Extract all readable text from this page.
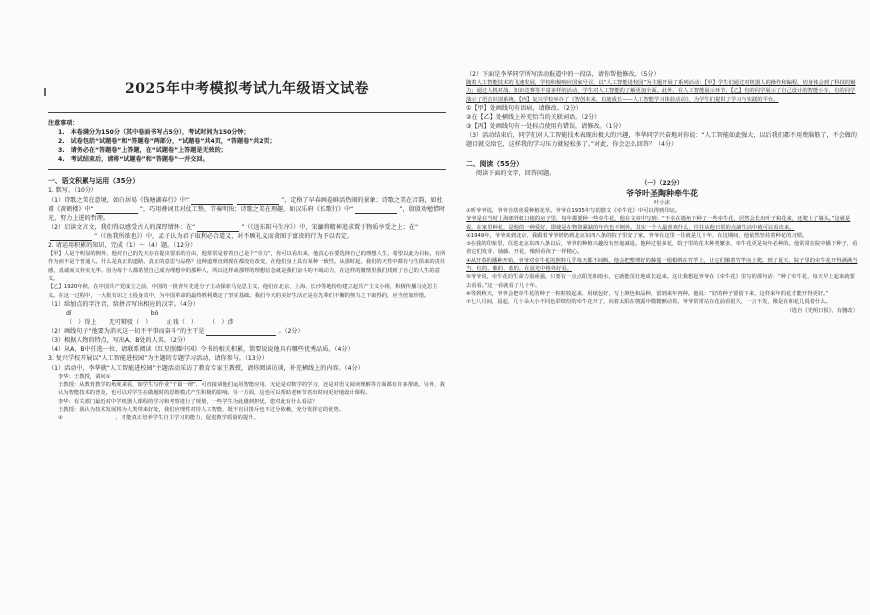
2025年中考模拟考试九年级语文试卷
注意事项：
1.　本卷满分为150分（其中卷面书写占5分），考试时间为150分钟；
2.　试卷包括“试题卷”和“答题卷”两部分，“试题卷”共4页，“答题卷”共2页；
3.　请务必在“答题卷”上答题，在“试题卷”上答题是无效的；
4.　考试结束后，请将“试题卷”和“答题卷”一并交回。
一、语文积累与运用（35分）
1. 默写。（10分）
（1）诗歌之美在意境，如白居易《钱塘湖春行》中“	”，定格了早春画卷鲜活热闹的景象；诗歌之美在音韵，如杜甫《黄鹤楼》中“	”，巧用叠词且对仗工整。节奏明快；诗歌之美在理趣，如汉乐府《长歌行》中“	”，殷殷劝勉惜时光，努力上进的哲理。
（2）启读文言文，我们得以感受古人的深厚情怀：在“	”（《送东阳马生序》）中，宋濂将精神追求置于物质享受之上；在“”（《鱼我所欲也》）中，孟子认为君子取利必合道义，对不顾礼义而贪图于富贵的行为予以否定。
2. 请运用积累的知识，完成（1）～（4）题。（12分）
【甲】人是个明显的例外，他对自己的先天存在提出要求的自由，他常常是着着自己是个“旁力”，你可以看出来，他真心在要选择自己的理想人生，希望以此为目标，有所作为而不是个普通人。什么是真正的道路，真正的意思与品格？这种道理直到现在都没有改变，在他们身上具有某种一致性。从那时起，我们的天性中都有与生俱来的责任感，真诚而又朴实无华。因为每个人都希望自己成为理想中的那种人，所以这样或那样的理想信念就是我们奋斗的不竭动力，在这样的激情里我们找到了自己的人生的意义。
【乙】1920年秋，在中国共产党成立之前，中国的一批青年先进分子主动探索马克思主义，他们在北京、上海、长沙等地纷纷建立起共产主义小组，积极传播马克思主义。在这一过程中，一大批有识之士投身其中，为中国革命的最终胜利奠定了坚实基础。我们今天的美好生活正是在先辈们不懈的努力之下取得的，应当倍加珍惜。
（1）给加点的字注音，给拼音写出相应的汉字。（4分）
dí　　　　　　　　　　　　　bó
（　）得上　　无可辩驳（　）　　　止戏（　）　　　（　）涉
（2）画线句子“他要为消灭这一切不平事而奋斗”的主干是	。（2分）
（3）根据人物的特点，写出A、B处的人名。（2分）
（4）从A、B中任选一位，请联系阅读《红星照耀中国》令书的相关积累，简要说说他具有哪些优秀品质。（4分）
3. 复兴学校开展以“人工智能进校园”为主题的专题学习活动，请你参与。（13分）
（1）活动中，李华就“人工智能进校园”主题活动采访了教育专家王教授，请你阅读访谈，补充横线上的内容。（4分）
李华：王教授，请问①
王教授：从教育教学的角度来看，如学生写作业“千篇一律”，可直接请他们运用智能应用，无论是对数学的学习，还是对语文阅读理解等方面都有许多帮助。另外，我认为智能技术的普及，也可以对学生在做题时的思维模式产生积极的影响。另一方面，这也可以帮助老师节省出时间更好地设计课程。
李华：有关部门最近对中学机器人课程的学习和考察进行了规划，一些学生为此感到担忧，您对此有什么看法？
王教授：我认为技术发展将为人类带来好处，我们应理性对待人工智能，既不盲目排斥也不过分依赖，充分发挥它的优势。
②　　　　　　　　　　，才能真正培养学生自主学习的能力，促进教学质量的提升。
（2）下面是李华同学所写活动报道中的一段话，请你帮他修改。（5分）
随着人工智能技术的飞速发展，学校积极响应国家号召，以“人工智能进校园”为主题开展了系列活动：【甲】学生们通过对机器人的操作和编程，切身体会到了科技的魅力；通过人机对战、知识竞赛等丰富多样的活动，学生对人工智能的了解更加全面。此外，在人工智能展示环节，【乙】有的同学展示了自己设计的智能小车，有的同学演示了语音识别系统。【丙】复兴学校举办了《智创未来，启迪成长——人工智能学习体验活动》，为学生们提供了学习与实践的平台。
①【甲】处画线句有语病，请修改。（2分）
②在【乙】处横线上补充恰当的关联词语。（2分）
③【丙】处画线句有一处标点使用有错误，请修改。（1分）
（3）活动结束后，同学们对人工智能技术表现出极大的兴趣，李华同学兴奋地对你说：“人工智能如此强大，以后我们都不用费脑筋了，不会做的题目就交给它，这样我的学习压力就轻松多了。”对此，你会怎么回答？（4分）
二、阅读（55分）
阅读下面的文字，回答问题。
（一）（22分）
爷爷叶圣陶种牵牛花
叶小沫
①听爷爷说，爷爷自幼喜爱种植花草。爷爷在1935年写的散文《牵牛花》中可以得到印证。
爷爷是在当时上海郊外虹口租的房子里，每年都要种一些牵牛花，他在文章中写到：“不幸在墙角下种了一些牵牛花，居然会长出叶子和花来，还爬上了墙头。”这就是说，在家里种花，是他的一种爱好，即使是在物资紧缺的年代也不例外。其实一个人最喜欢什么，往往从他日常的点滴生活中就可以看出来。
②1949年，爷爷来到北京，我跟着爷爷奶奶到北京东四八条的院子里安了家。爷爷在这里一住就是几十年，在这期间，他依然坚持着种花的习惯。
③在我的印象里，住进北京东四八条以后，爷爷的种植兴趣没有丝毫减退。他种过很多花，院子里的花木种类繁多，牵牛花更是每年必种的。他常常在院中播下种子，看着它们发芽、抽藤、开花，像照看孩子一样精心。
④从开春的播种开始，爷爷对牵牛花的照料几乎每天都不间断。他会把整理好的藤蔓一根根绑在竹竿上，让它们顺着竹竿向上爬。到了夏天，院子里的牵牛花开得满满当当，红的、紫的、蓝的，在晨光中格外好看。
⑤爷爷说，牵牛花的生命力很顽强，只要有一点点阳光和雨水，它就能茁壮地成长起来。这让我想起爷爷在《牵牛花》里写的那句话：“种了牵牛花，每天早上起来就要去看看。”这一看就看了几十年。
⑥等到秋天，爷爷会把牵牛花的种子一粒粒收起来，用纸包好，写上颜色和品种，留到来年再种。他说：“好的种子要留下来，这样来年的花才能开得更好。”
⑦七八月间，晨起，几十朵大小不同色彩缤纷的牵牛花开了，向着太阳在朝露中微微颤动着。爷爷常常站在花前看很久，一言不发，像是在和花儿说着什么。
（选自《光明日报》，有删改）
